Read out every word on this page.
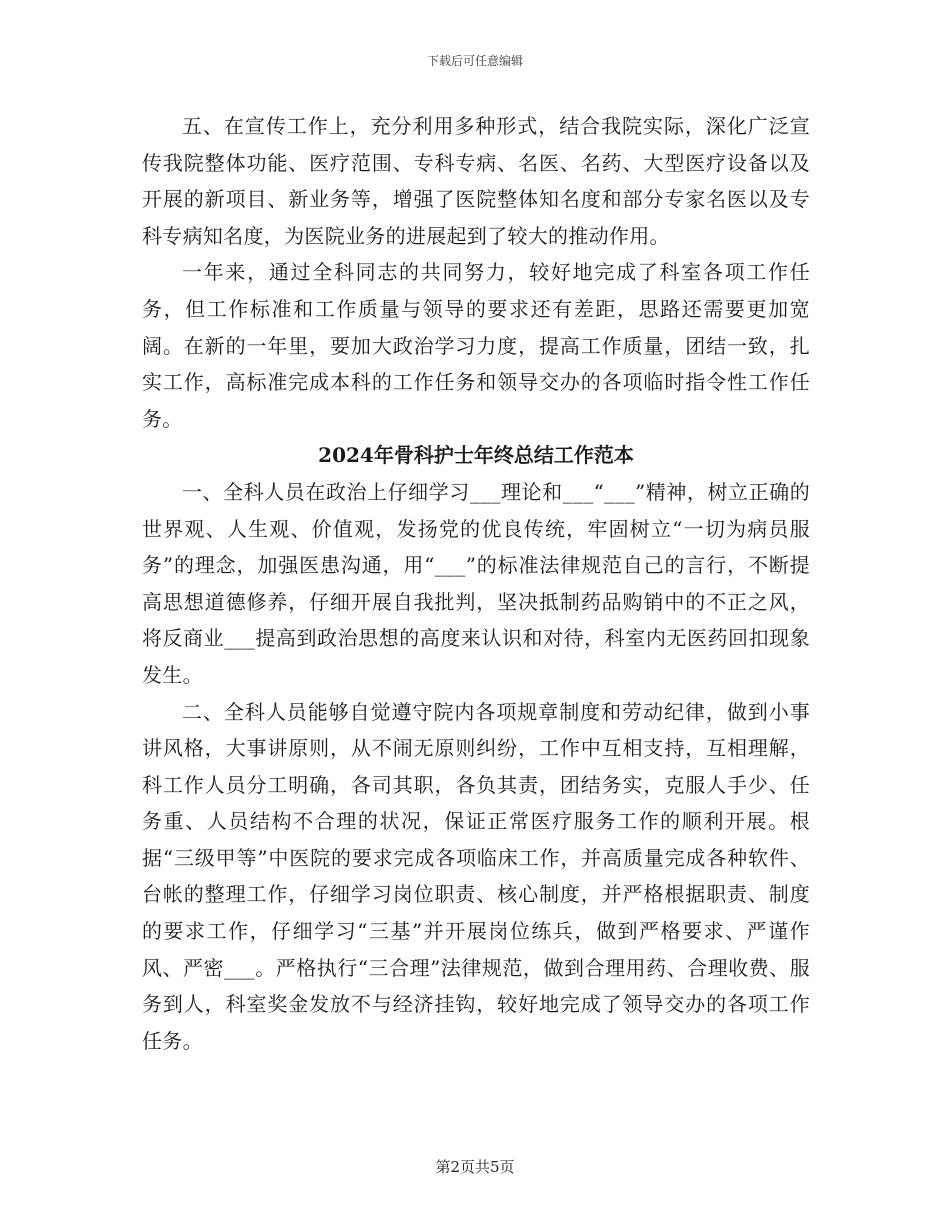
下载后可任意编辑

五、在宣传工作上，充分利用多种形式，结合我院实际，深化广泛宣传我院整体功能、医疗范围、专科专病、名医、名药、大型医疗设备以及开展的新项目、新业务等，增强了医院整体知名度和部分专家名医以及专科专病知名度，为医院业务的进展起到了较大的推动作用。

一年来，通过全科同志的共同努力，较好地完成了科室各项工作任务，但工作标准和工作质量与领导的要求还有差距，思路还需要更加宽阔。在新的一年里，要加大政治学习力度，提高工作质量，团结一致，扎实工作，高标准完成本科的工作任务和领导交办的各项临时指令性工作任务。

2024年骨科护士年终总结工作范本

一、全科人员在政治上仔细学习___理论和___“___”精神，树立正确的世界观、人生观、价值观，发扬党的优良传统，牢固树立“一切为病员服务”的理念，加强医患沟通，用“___”的标准法律规范自己的言行，不断提高思想道德修养，仔细开展自我批判，坚决抵制药品购销中的不正之风，将反商业___提高到政治思想的高度来认识和对待，科室内无医药回扣现象发生。

二、全科人员能够自觉遵守院内各项规章制度和劳动纪律，做到小事讲风格，大事讲原则，从不闹无原则纠纷，工作中互相支持，互相理解，科工作人员分工明确，各司其职，各负其责，团结务实，克服人手少、任务重、人员结构不合理的状况，保证正常医疗服务工作的顺利开展。根据“三级甲等”中医院的要求完成各项临床工作，并高质量完成各种软件、台帐的整理工作，仔细学习岗位职责、核心制度，并严格根据职责、制度的要求工作，仔细学习“三基”并开展岗位练兵，做到严格要求、严谨作风、严密___。严格执行“三合理”法律规范，做到合理用药、合理收费、服务到人，科室奖金发放不与经济挂钩，较好地完成了领导交办的各项工作任务。

第2页共5页
